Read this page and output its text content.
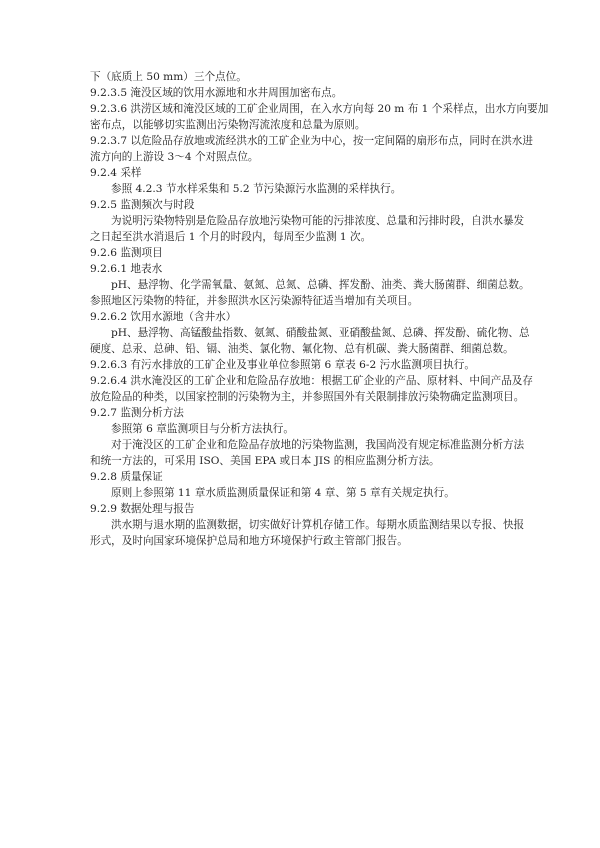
下（底质上 50 mm）三个点位。
9.2.3.5 淹没区域的饮用水源地和水井周围加密布点。
9.2.3.6 洪涝区域和淹没区域的工矿企业周围，在入水方向每 20 m 布 1 个采样点，出水方向要加
密布点，以能够切实监测出污染物泻流浓度和总量为原则。
9.2.3.7 以危险品存放地或流经洪水的工矿企业为中心，按一定间隔的扇形布点，同时在洪水进
流方向的上游设 3～4 个对照点位。
9.2.4 采样
参照 4.2.3 节水样采集和 5.2 节污染源污水监测的采样执行。
9.2.5 监测频次与时段
为说明污染物特别是危险品存放地污染物可能的污排浓度、总量和污排时段，自洪水暴发
之日起至洪水消退后 1 个月的时段内，每周至少监测 1 次。
9.2.6 监测项目
9.2.6.1 地表水
pH、悬浮物、化学需氧量、氨氮、总氮、总磷、挥发酚、油类、粪大肠菌群、细菌总数。
参照地区污染物的特征，并参照洪水区污染源特征适当增加有关项目。
9.2.6.2 饮用水源地（含井水）
pH、悬浮物、高锰酸盐指数、氨氮、硝酸盐氮、亚硝酸盐氮、总磷、挥发酚、硫化物、总
硬度、总汞、总砷、铅、镉、油类、氯化物、氟化物、总有机碳、粪大肠菌群、细菌总数。
9.2.6.3 有污水排放的工矿企业及事业单位参照第 6 章表 6-2 污水监测项目执行。
9.2.6.4 洪水淹没区的工矿企业和危险品存放地：根据工矿企业的产品、原材料、中间产品及存
放危险品的种类，以国家控制的污染物为主，并参照国外有关限制排放污染物确定监测项目。
9.2.7 监测分析方法
参照第 6 章监测项目与分析方法执行。
对于淹没区的工矿企业和危险品存放地的污染物监测，我国尚没有规定标准监测分析方法
和统一方法的，可采用 ISO、美国 EPA 或日本 JIS 的相应监测分析方法。
9.2.8 质量保证
原则上参照第 11 章水质监测质量保证和第 4 章、第 5 章有关规定执行。
9.2.9 数据处理与报告
洪水期与退水期的监测数据，切实做好计算机存储工作。每期水质监测结果以专报、快报
形式，及时向国家环境保护总局和地方环境保护行政主管部门报告。
